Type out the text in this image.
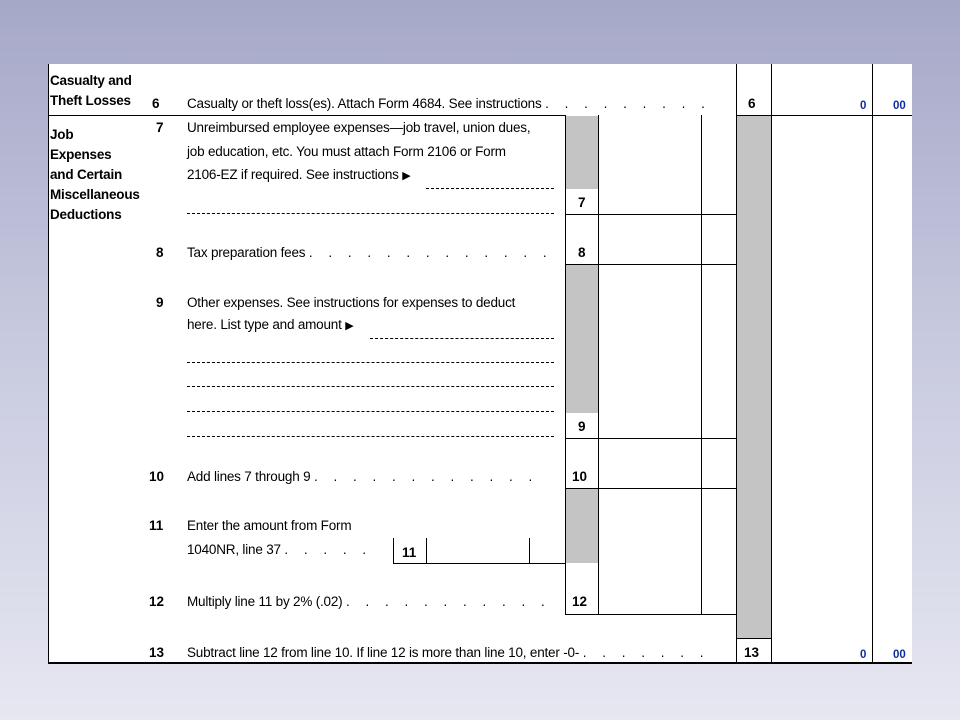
Casualty and
Theft Losses
Job
Expenses
and Certain
Miscellaneous
Deductions
6 Casualty or theft loss(es). Attach Form 4684. See instructions . . . . . . . . .	6	0 00
7 Unreimbursed employee expenses—job travel, union dues,
job education, etc. You must attach Form 2106 or Form
2106-EZ if required. See instructions ▶
7
8 Tax preparation fees . . . . . . . . . . . . . 8
9 Other expenses. See instructions for expenses to deduct
here. List type and amount ▶
9
10 Add lines 7 through 9 . . . . . . . . . . . .	10
11 Enter the amount from Form
1040NR, line 37 . . . . . 11
12 Multiply line 11 by 2% (.02) . . . . . . . . . . . 12
13 Subtract line 12 from line 10. If line 12 is more than line 10, enter -0- . . . . . . .	13	0 00
